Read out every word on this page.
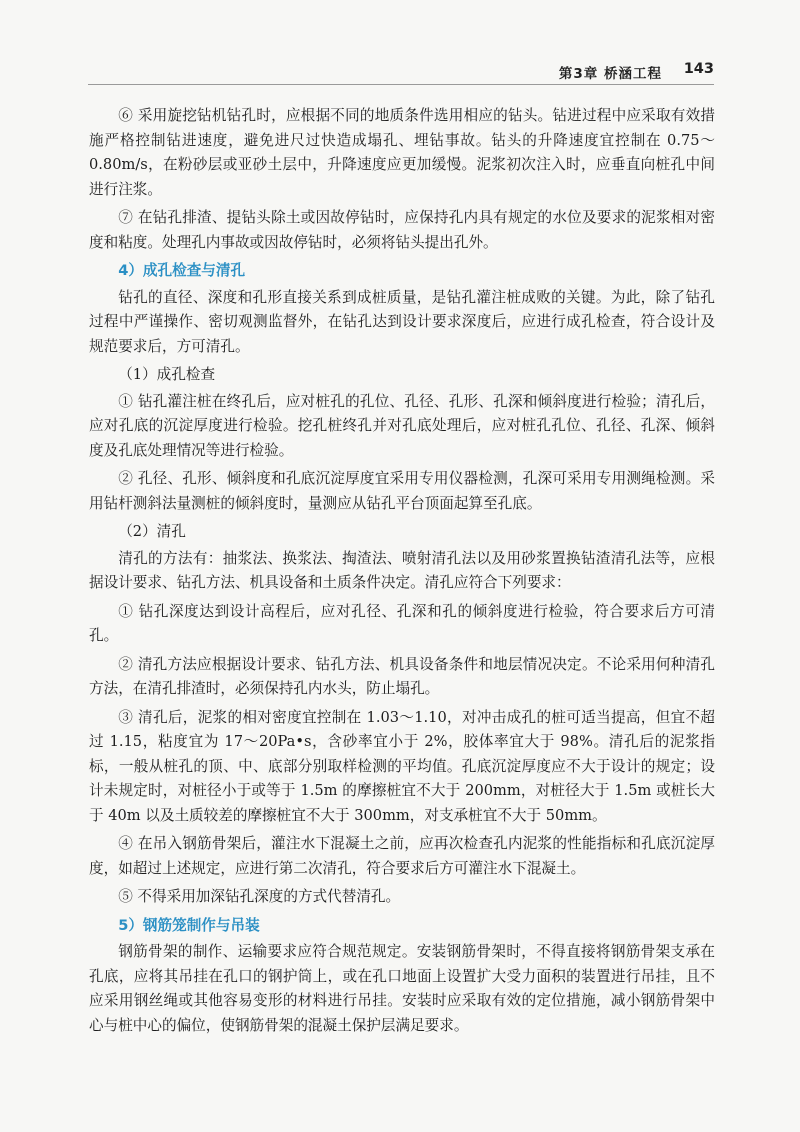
第3章 桥涵工程 143

⑥ 采用旋挖钻机钻孔时，应根据不同的地质条件选用相应的钻头。钻进过程中应采取有效措施严格控制钻进速度，避免进尺过快造成塌孔、埋钻事故。钻头的升降速度宜控制在 0.75～0.80m/s，在粉砂层或亚砂土层中，升降速度应更加缓慢。泥浆初次注入时，应垂直向桩孔中间进行注浆。

⑦ 在钻孔排渣、提钻头除土或因故停钻时，应保持孔内具有规定的水位及要求的泥浆相对密度和粘度。处理孔内事故或因故停钻时，必须将钻头提出孔外。

4）成孔检查与清孔

钻孔的直径、深度和孔形直接关系到成桩质量，是钻孔灌注桩成败的关键。为此，除了钻孔过程中严谨操作、密切观测监督外，在钻孔达到设计要求深度后，应进行成孔检查，符合设计及规范要求后，方可清孔。

（1）成孔检查

① 钻孔灌注桩在终孔后，应对桩孔的孔位、孔径、孔形、孔深和倾斜度进行检验；清孔后，应对孔底的沉淀厚度进行检验。挖孔桩终孔并对孔底处理后，应对桩孔孔位、孔径、孔深、倾斜度及孔底处理情况等进行检验。

② 孔径、孔形、倾斜度和孔底沉淀厚度宜采用专用仪器检测，孔深可采用专用测绳检测。采用钻杆测斜法量测桩的倾斜度时，量测应从钻孔平台顶面起算至孔底。

（2）清孔

清孔的方法有：抽浆法、换浆法、掏渣法、喷射清孔法以及用砂浆置换钻渣清孔法等，应根据设计要求、钻孔方法、机具设备和土质条件决定。清孔应符合下列要求：

① 钻孔深度达到设计高程后，应对孔径、孔深和孔的倾斜度进行检验，符合要求后方可清孔。

② 清孔方法应根据设计要求、钻孔方法、机具设备条件和地层情况决定。不论采用何种清孔方法，在清孔排渣时，必须保持孔内水头，防止塌孔。

③ 清孔后，泥浆的相对密度宜控制在 1.03～1.10，对冲击成孔的桩可适当提高，但宜不超过 1.15，粘度宜为 17～20Pa•s，含砂率宜小于 2%，胶体率宜大于 98%。清孔后的泥浆指标，一般从桩孔的顶、中、底部分别取样检测的平均值。孔底沉淀厚度应不大于设计的规定；设计未规定时，对桩径小于或等于 1.5m 的摩擦桩宜不大于 200mm，对桩径大于 1.5m 或桩长大于 40m 以及土质较差的摩擦桩宜不大于 300mm，对支承桩宜不大于 50mm。

④ 在吊入钢筋骨架后，灌注水下混凝土之前，应再次检查孔内泥浆的性能指标和孔底沉淀厚度，如超过上述规定，应进行第二次清孔，符合要求后方可灌注水下混凝土。

⑤ 不得采用加深钻孔深度的方式代替清孔。

5）钢筋笼制作与吊装

钢筋骨架的制作、运输要求应符合规范规定。安装钢筋骨架时，不得直接将钢筋骨架支承在孔底，应将其吊挂在孔口的钢护筒上，或在孔口地面上设置扩大受力面积的装置进行吊挂，且不应采用钢丝绳或其他容易变形的材料进行吊挂。安装时应采取有效的定位措施，减小钢筋骨架中心与桩中心的偏位，使钢筋骨架的混凝土保护层满足要求。
